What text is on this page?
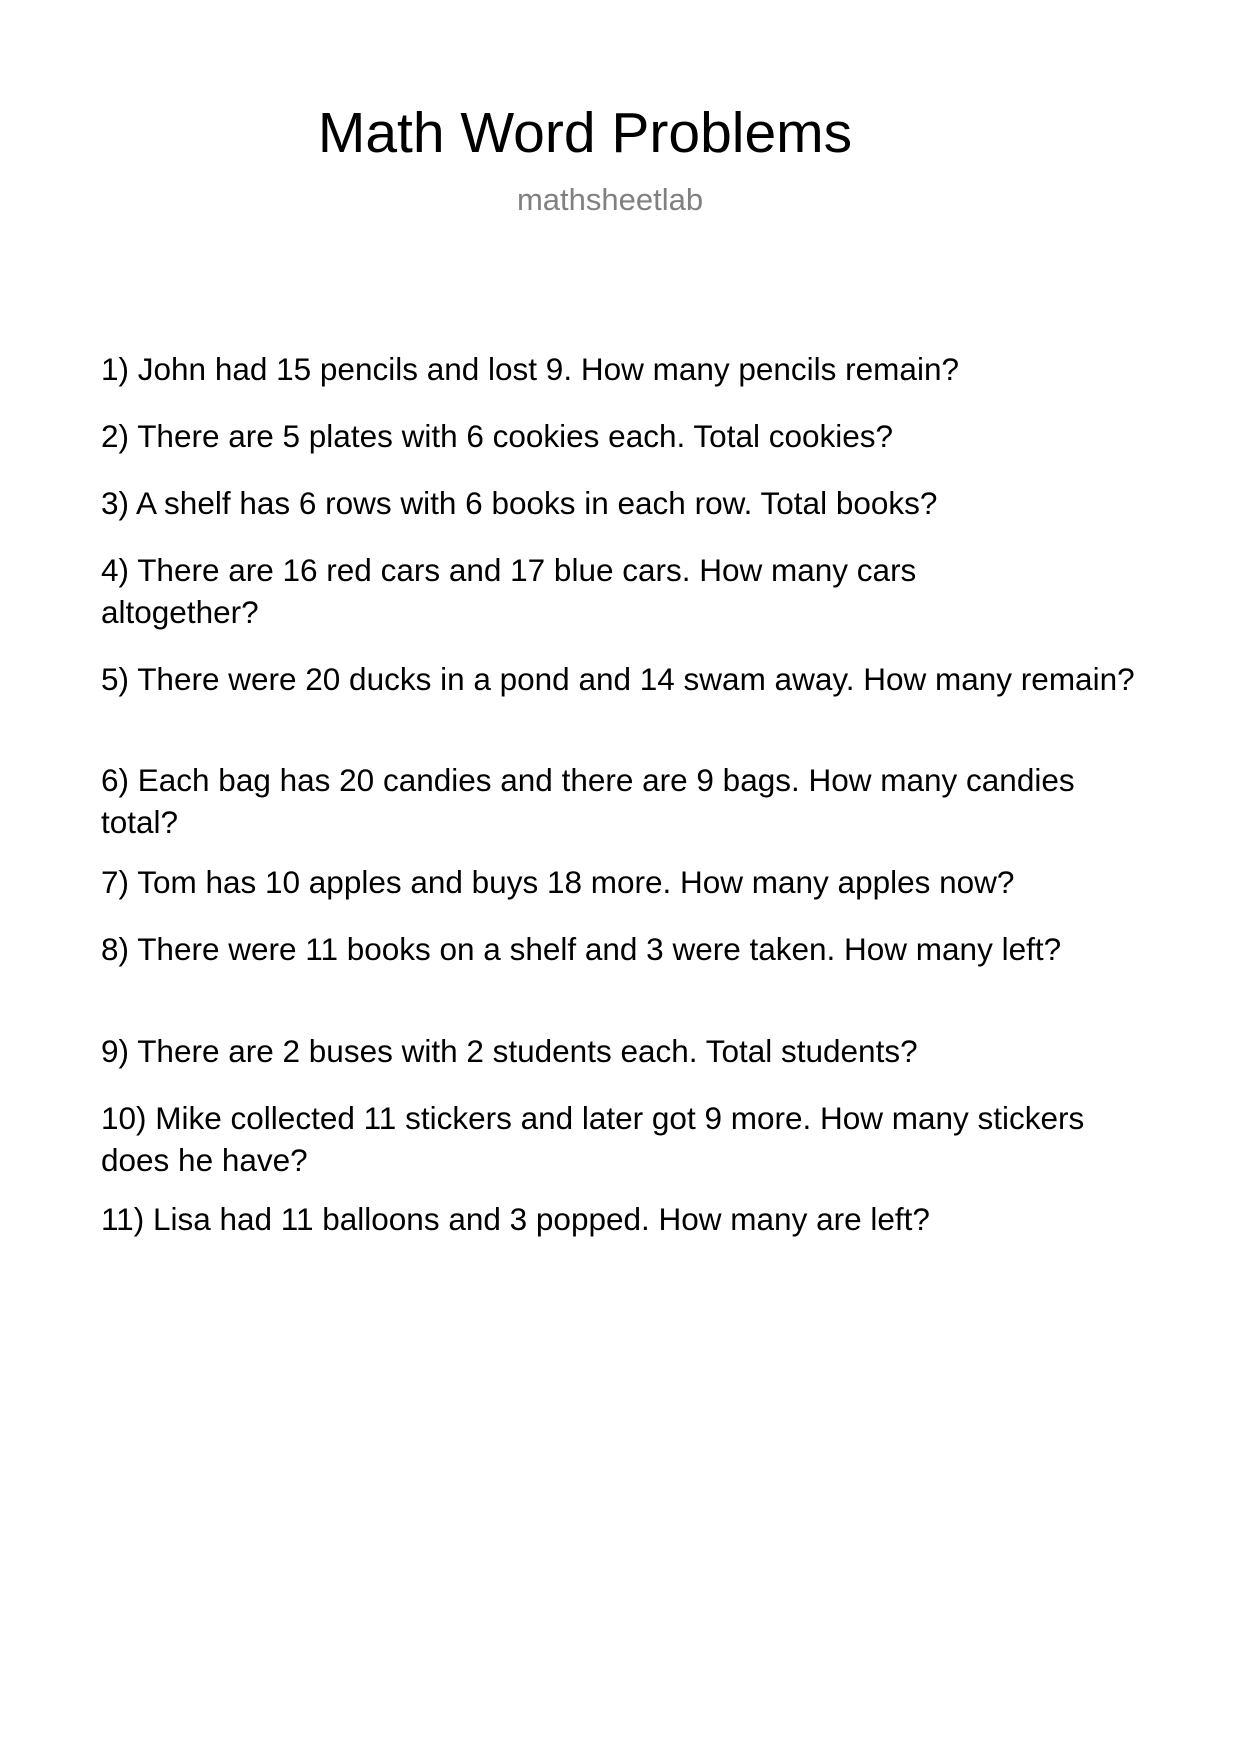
Math Word Problems
mathsheetlab

1) John had 15 pencils and lost 9. How many pencils remain?

2) There are 5 plates with 6 cookies each. Total cookies?

3) A shelf has 6 rows with 6 books in each row. Total books?

4) There are 16 red cars and 17 blue cars. How many cars altogether?

5) There were 20 ducks in a pond and 14 swam away. How many remain?

6) Each bag has 20 candies and there are 9 bags. How many candies total?

7) Tom has 10 apples and buys 18 more. How many apples now?

8) There were 11 books on a shelf and 3 were taken. How many left?

9) There are 2 buses with 2 students each. Total students?

10) Mike collected 11 stickers and later got 9 more. How many stickers does he have?

11) Lisa had 11 balloons and 3 popped. How many are left?
